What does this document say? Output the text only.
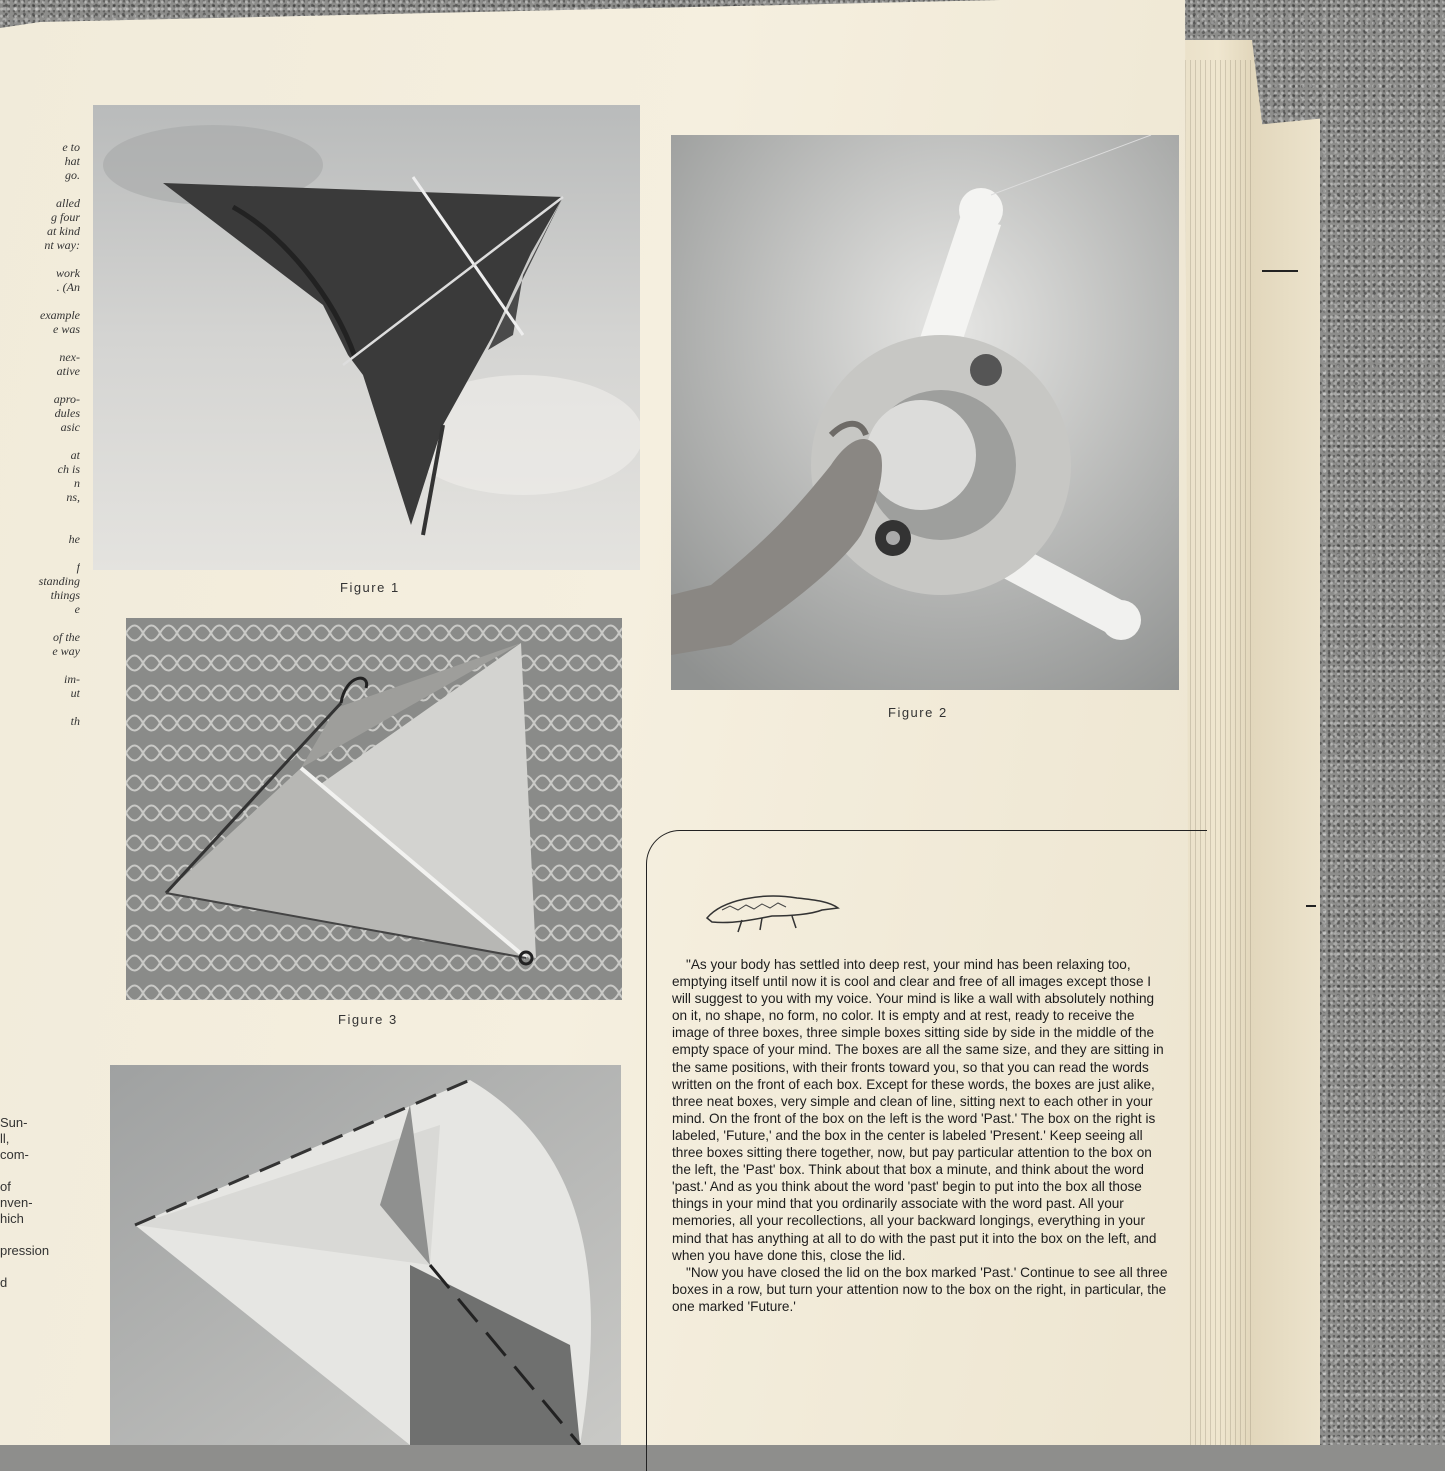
e to
hat
go.
alled
g four
at kind
nt way:
work
. (An
example
e was
nex-
ative
apro-
dules
asic
at
ch is
n
ns,
he
f
standing
things
e
of the
e way
im-
ut
th
Sun-
ll,
com-
of
nven-
hich
pression
d
Figure 1
Figure 2
Figure 3

"As your body has settled into deep rest, your mind has been relaxing too, emptying itself until now it is cool and clear and free of all images except those I will suggest to you with my voice. Your mind is like a wall with absolutely nothing on it, no shape, no form, no color. It is empty and at rest, ready to receive the image of three boxes, three simple boxes sitting side by side in the middle of the empty space of your mind. The boxes are all the same size, and they are sitting in the same positions, with their fronts toward you, so that you can read the words written on the front of each box. Except for these words, the boxes are just alike, three neat boxes, very simple and clean of line, sitting next to each other in your mind. On the front of the box on the left is the word 'Past.' The box on the right is labeled, 'Future,' and the box in the center is labeled 'Present.' Keep seeing all three boxes sitting there together, now, but pay particular attention to the box on the left, the 'Past' box. Think about that box a minute, and think about the word 'past.' And as you think about the word 'past' begin to put into the box all those things in your mind that you ordinarily associate with the word past. All your memories, all your recollections, all your backward longings, everything in your mind that has anything at all to do with the past put it into the box on the left, and when you have done this, close the lid.

"Now you have closed the lid on the box marked 'Past.' Continue to see all three boxes in a row, but turn your attention now to the box on the right, in particular, the one marked 'Future.'
